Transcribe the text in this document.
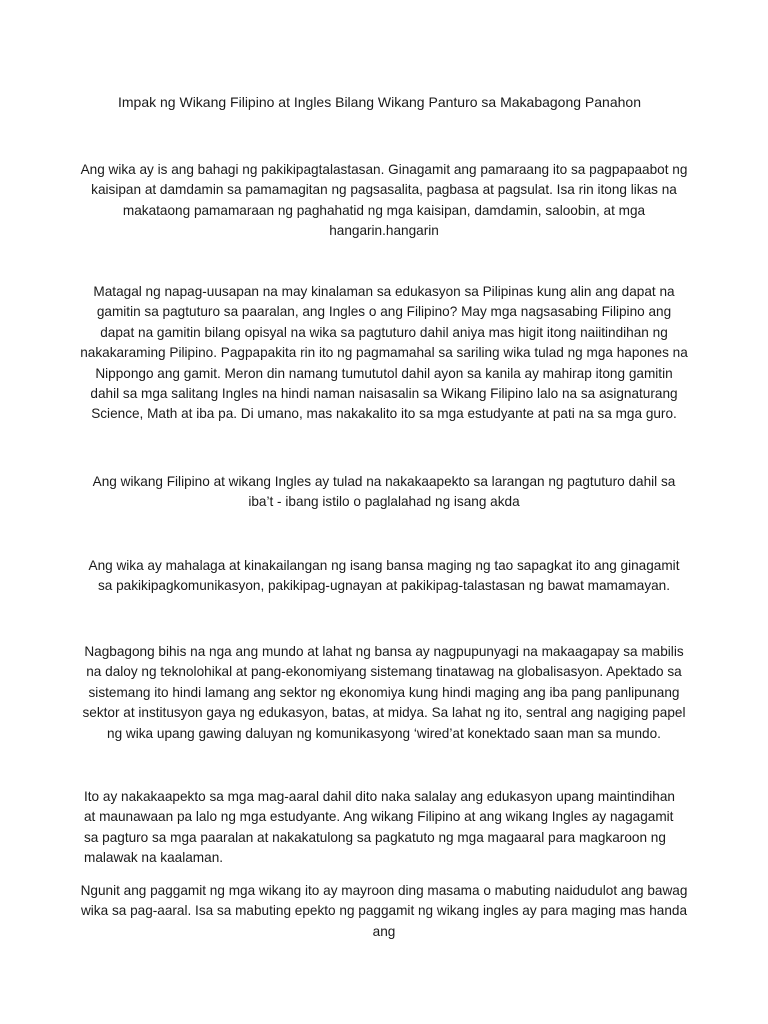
Impak ng Wikang Filipino at Ingles Bilang Wikang Panturo sa Makabagong Panahon

Ang wika ay is ang bahagi ng pakikipagtalastasan. Ginagamit ang pamaraang ito sa pagpapaabot ng kaisipan at damdamin sa pamamagitan ng pagsasalita, pagbasa at pagsulat. Isa rin itong likas na makataong pamamaraan ng paghahatid ng mga kaisipan, damdamin, saloobin, at mga hangarin.hangarin

Matagal ng napag-uusapan na may kinalaman sa edukasyon sa Pilipinas kung alin ang dapat na gamitin sa pagtuturo sa paaralan, ang Ingles o ang Filipino? May mga nagsasabing Filipino ang dapat na gamitin bilang opisyal na wika sa pagtuturo dahil aniya mas higit itong naiitindihan ng nakakaraming Pilipino. Pagpapakita rin ito ng pagmamahal sa sariling wika tulad ng mga hapones na Nippongo ang gamit. Meron din namang tumututol dahil ayon sa kanila ay mahirap itong gamitin dahil sa mga salitang Ingles na hindi naman naisasalin sa Wikang Filipino lalo na sa asignaturang Science, Math at iba pa. Di umano, mas nakakalito ito sa mga estudyante at pati na sa mga guro.

Ang wikang Filipino at wikang Ingles ay tulad na nakakaapekto sa larangan ng pagtuturo dahil sa iba’t - ibang istilo o paglalahad ng isang akda

Ang wika ay mahalaga at kinakailangan ng isang bansa maging ng tao sapagkat ito ang ginagamit sa pakikipagkomunikasyon, pakikipag-ugnayan at pakikipag-talastasan ng bawat mamamayan.

Nagbagong bihis na nga ang mundo at lahat ng bansa ay nagpupunyagi na makaagapay sa mabilis na daloy ng teknolohikal at pang-ekonomiyang sistemang tinatawag na globalisasyon. Apektado sa sistemang ito hindi lamang ang sektor ng ekonomiya kung hindi maging ang iba pang panlipunang sektor at institusyon gaya ng edukasyon, batas, at midya. Sa lahat ng ito, sentral ang nagiging papel ng wika upang gawing daluyan ng komunikasyong ‘wired’at konektado saan man sa mundo.

Ito ay nakakaapekto sa mga mag-aaral dahil dito naka salalay ang edukasyon upang maintindihan at maunawaan pa lalo ng mga estudyante. Ang wikang Filipino at ang wikang Ingles ay nagagamit sa pagturo sa mga paaralan at nakakatulong sa pagkatuto ng mga magaaral para magkaroon ng malawak na kaalaman.

Ngunit ang paggamit ng mga wikang ito ay mayroon ding masama o mabuting naidudulot ang bawag wika sa pag-aaral. Isa sa mabuting epekto ng paggamit ng wikang ingles ay para maging mas handa ang
